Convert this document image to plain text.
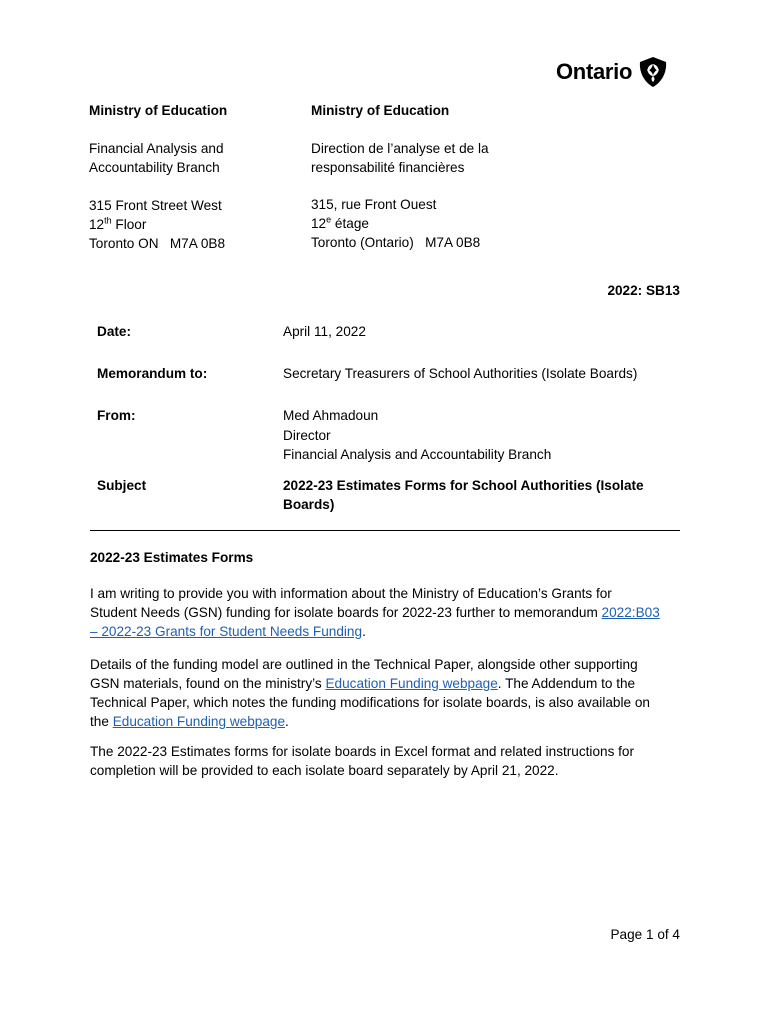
Ontario
Ministry of Education
Financial Analysis and
Accountability Branch
315 Front Street West
12th Floor
Toronto ON   M7A 0B8
Ministry of Education
Direction de l’analyse et de la
responsabilité financières
315, rue Front Ouest
12e étage
Toronto (Ontario)   M7A 0B8
2022: SB13
Date:	April 11, 2022
Memorandum to:	Secretary Treasurers of School Authorities (Isolate Boards)
From:	Med Ahmadoun
Director
Financial Analysis and Accountability Branch
Subject	2022-23 Estimates Forms for School Authorities (Isolate
Boards)
2022-23 Estimates Forms
I am writing to provide you with information about the Ministry of Education’s Grants for
Student Needs (GSN) funding for isolate boards for 2022-23 further to memorandum 2022:B03
– 2022-23 Grants for Student Needs Funding.
Details of the funding model are outlined in the Technical Paper, alongside other supporting
GSN materials, found on the ministry’s Education Funding webpage. The Addendum to the
Technical Paper, which notes the funding modifications for isolate boards, is also available on
the Education Funding webpage.
The 2022-23 Estimates forms for isolate boards in Excel format and related instructions for
completion will be provided to each isolate board separately by April 21, 2022.
Page 1 of 4
